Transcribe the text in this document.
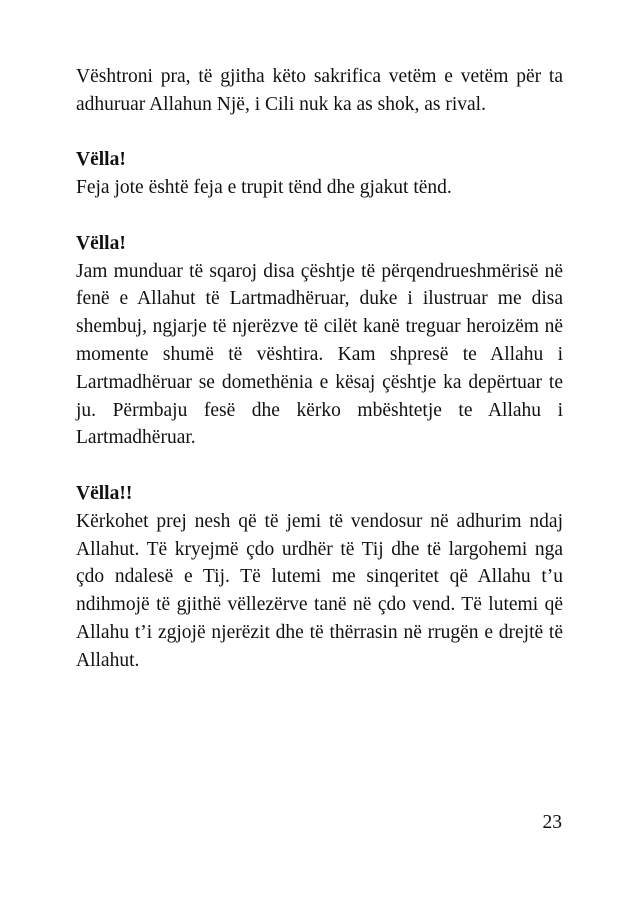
Vështroni pra, të gjitha këto sakrifica vetëm e vetëm për ta adhuruar Allahun Një, i Cili nuk ka as shok, as rival.

Vëlla!

Feja jote është feja e trupit tënd dhe gjakut tënd.

Vëlla!

Jam munduar të sqaroj disa çështje të përqendrueshmërisë në fenë e Allahut të Lartmadhëruar, duke i ilustruar me disa shembuj, ngjarje të njerëzve të cilët kanë treguar heroizëm në momente shumë të vështira. Kam shpresë te Allahu i Lartmadhëruar se domethënia e kësaj çështje ka depërtuar te ju. Përmbaju fesë dhe kërko mbështetje te Allahu i Lartmadhëruar.

Vëlla!!

Kërkohet prej nesh që të jemi të vendosur në adhurim ndaj Allahut. Të kryejmë çdo urdhër të Tij dhe të largohemi nga çdo ndalesë e Tij. Të lutemi me sinqeritet që Allahu t’u ndihmojë të gjithë vëllezërve tanë në çdo vend. Të lutemi që Allahu t’i zgjojë njerëzit dhe të thërrasin në rrugën e drejtë të Allahut.

23
